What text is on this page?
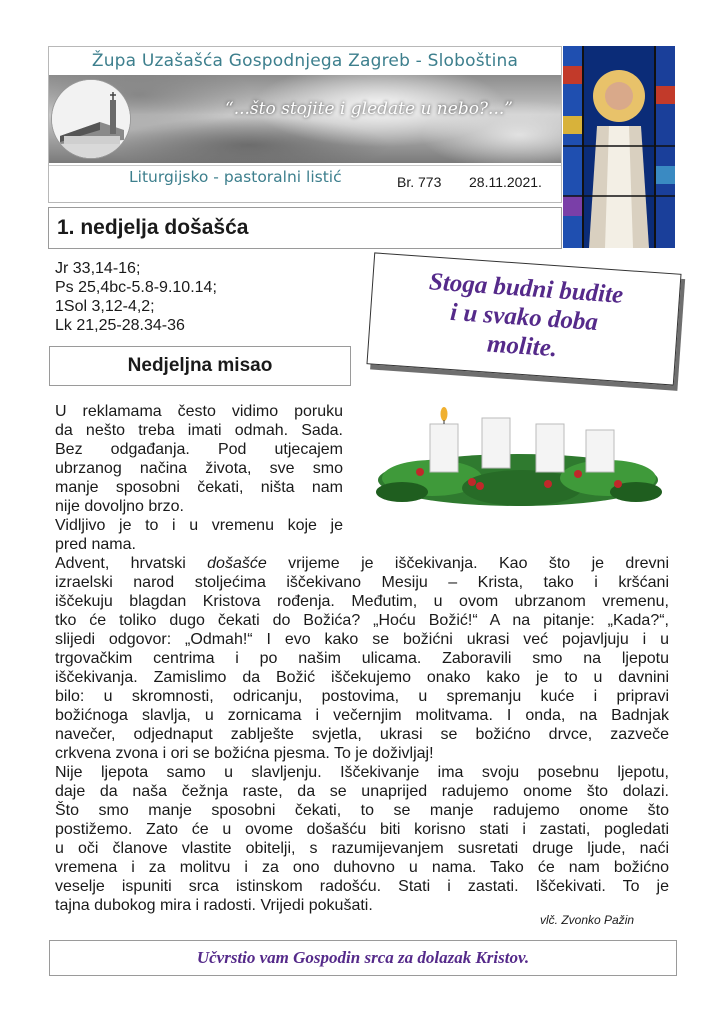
Župa Uzašašća Gospodnjega Zagreb - Sloboština
“...što stojite i gledate u nebo?...”
Liturgijsko - pastoralni listić	Br. 773 28.11.2021.
1. nedjelja došašća
Jr 33,14-16;
Ps 25,4bc-5.8-9.10.14;
1Sol 3,12-4,2;
Lk 21,25-28.34-36
Stoga budni budite
i u svako doba
molite.
Nedjeljna misao
U reklamama često vidimo poruku
da nešto treba imati odmah. Sada.
Bez odgađanja. Pod utjecajem
ubrzanog načina života, sve smo
manje sposobni čekati, ništa nam
nije dovoljno brzo.
Vidljivo je to i u vremenu koje je
pred nama.
Advent, hrvatski došašće vrijeme je iščekivanja. Kao što je drevni
izraelski narod stoljećima iščekivano Mesiju – Krista, tako i kršćani
iščekuju blagdan Kristova rođenja. Međutim, u ovom ubrzanom vremenu,
tko će toliko dugo čekati do Božića? „Hoću Božić!“ A na pitanje: „Kada?“,
slijedi odgovor: „Odmah!“ I evo kako se božićni ukrasi već pojavljuju i u
trgovačkim centrima i po našim ulicama. Zaboravili smo na ljepotu
iščekivanja. Zamislimo da Božić iščekujemo onako kako je to u davnini
bilo: u skromnosti, odricanju, postovima, u spremanju kuće i pripravi
božićnoga slavlja, u zornicama i večernjim molitvama. I onda, na Badnjak
navečer, odjednaput zablješte svjetla, ukrasi se božićno drvce, zazveče
crkvena zvona i ori se božićna pjesma. To je doživljaj!
Nije ljepota samo u slavljenju. Iščekivanje ima svoju posebnu ljepotu,
daje da naša čežnja raste, da se unaprijed radujemo onome što dolazi.
Što smo manje sposobni čekati, to se manje radujemo onome što
postižemo. Zato će u ovome došašću biti korisno stati i zastati, pogledati
u oči članove vlastite obitelji, s razumijevanjem susretati druge ljude, naći
vremena i za molitvu i za ono duhovno u nama. Tako će nam božićno
veselje ispuniti srca istinskom radošću. Stati i zastati. Iščekivati. To je
tajna dubokog mira i radosti. Vrijedi pokušati.
vlč. Zvonko Pažin
Učvrstio vam Gospodin srca za dolazak Kristov.
